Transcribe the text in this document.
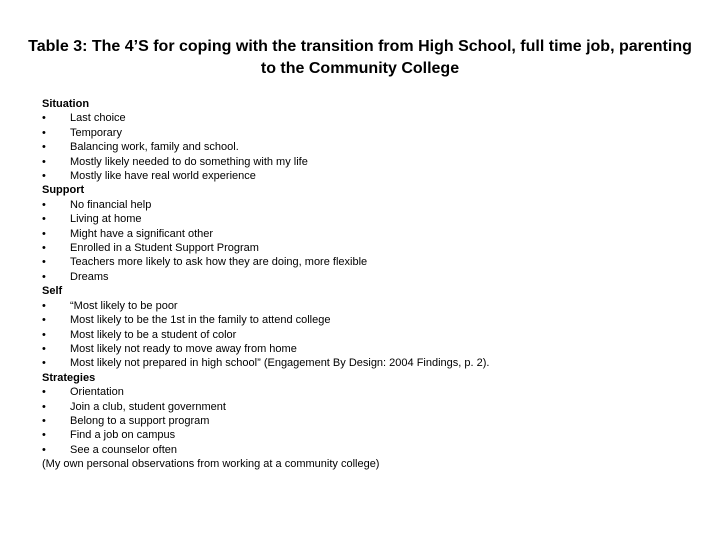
Table 3: The 4’S for coping with the transition from High School, full time job, parenting to the Community College
Situation
• Last choice
• Temporary
• Balancing work, family and school.
• Mostly likely needed to do something with my life
• Mostly like have real world experience
Support
• No financial help
• Living at home
• Might have a significant other
• Enrolled in a Student Support Program
• Teachers more likely to ask how they are doing, more flexible
• Dreams
Self
• “Most likely to be poor
• Most likely to be the 1st in the family to attend college
• Most likely to be a student of color
• Most likely not ready to move away from home
• Most likely not prepared in high school” (Engagement By Design: 2004 Findings, p. 2).
Strategies
• Orientation
• Join a club, student government
• Belong to a support program
• Find a job on campus
• See a counselor often
(My own personal observations from working at a community college)
